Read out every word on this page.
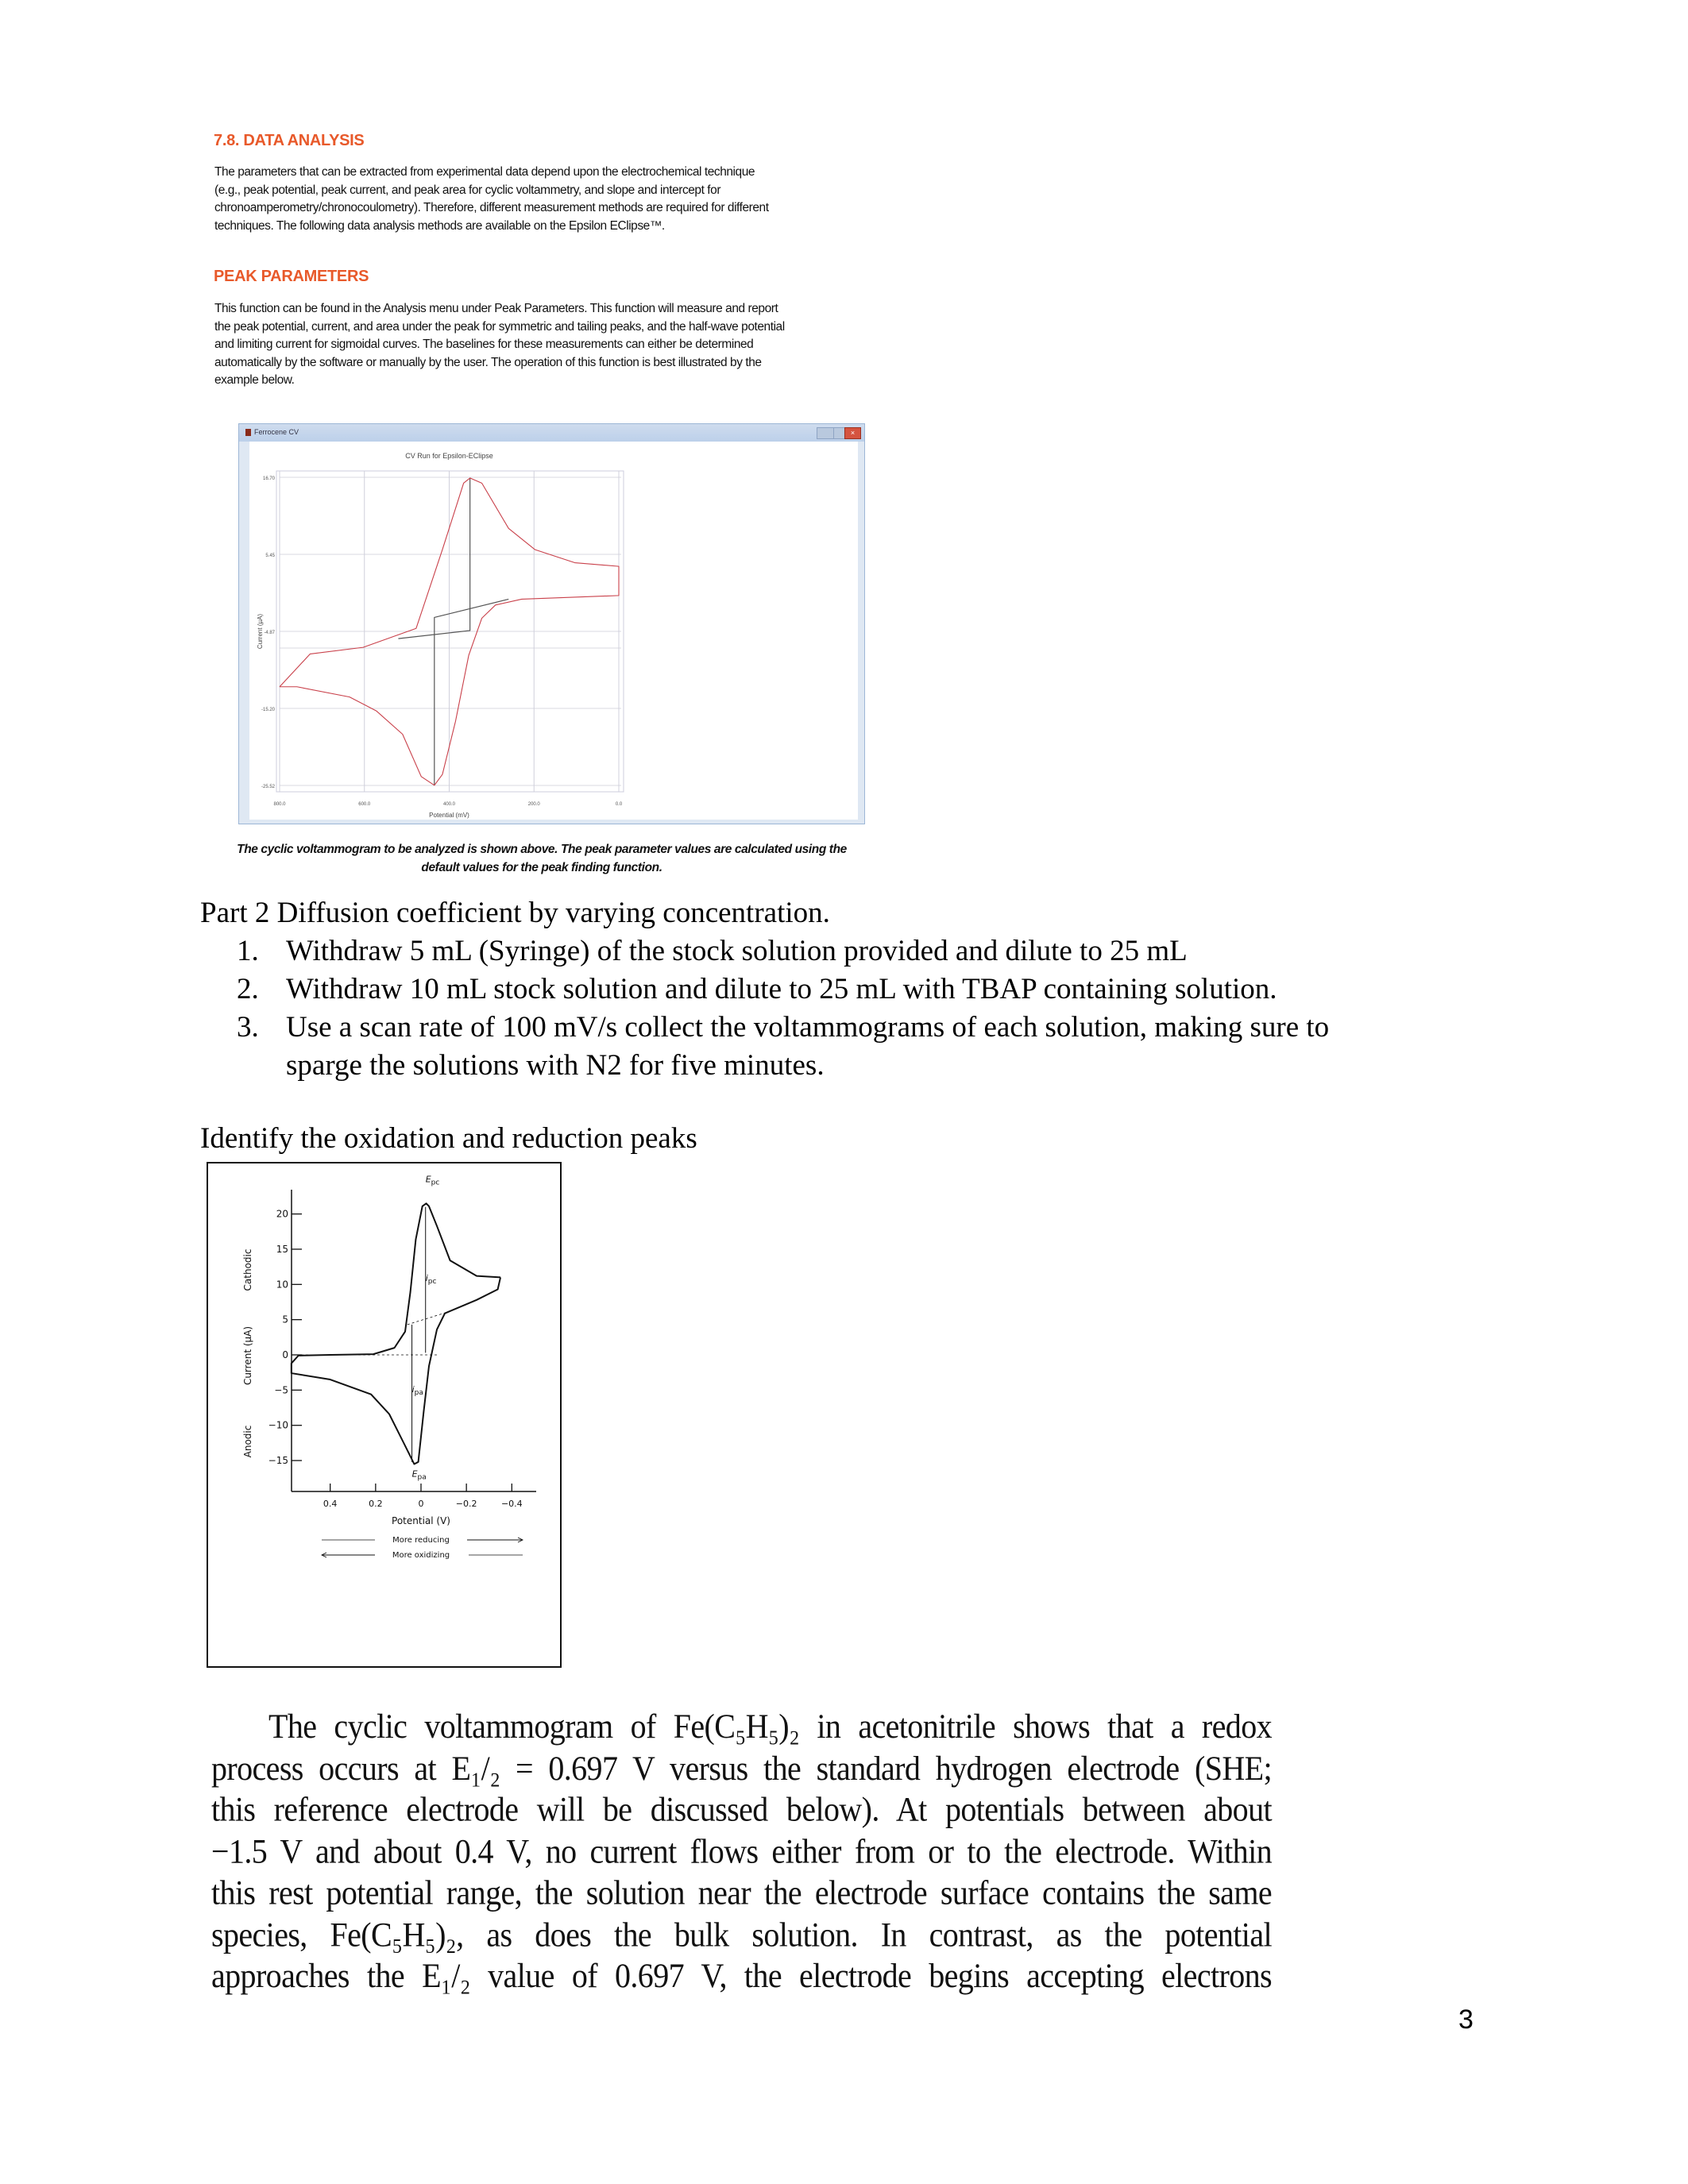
7.8. DATA ANALYSIS
The parameters that can be extracted from experimental data depend upon the electrochemical technique
(e.g., peak potential, peak current, and peak area for cyclic voltammetry, and slope and intercept for
chronoamperometry/chronocoulometry). Therefore, different measurement methods are required for different
techniques. The following data analysis methods are available on the Epsilon EClipse™.
PEAK PARAMETERS
This function can be found in the Analysis menu under Peak Parameters. This function will measure and report
the peak potential, current, and area under the peak for symmetric and tailing peaks, and the half-wave potential
and limiting current for sigmoidal curves. The baselines for these measurements can either be determined
automatically by the software or manually by the user. The operation of this function is best illustrated by the
example below.
Ferrocene CV	×
CV Run for Epsilon-EClipse
16.70
5.45
-4.87
-15.20
-25.52
800.0	600.0	400.0	200.0	0.0
Potential (mV)
Current (µA)
The cyclic voltammogram to be analyzed is shown above. The peak parameter values are calculated using the
default values for the peak finding function.
Part 2 Diffusion coefficient by varying concentration.
1. Withdraw 5 mL (Syringe) of the stock solution provided and dilute to 25 mL
2. Withdraw 10 mL stock solution and dilute to 25 mL with TBAP containing solution.
3. Use a scan rate of 100 mV/s collect the voltammograms of each solution, making sure to
sparge the solutions with N2 for five minutes.
Identify the oxidation and reduction peaks
20
15
10
5
0
−5
−10
−15
0.4	0.2	0	−0.2	−0.4
Potential (V)
Current (µA)
Cathodic
Anodic
$E_{pc}$
$i_{pc}$
$i_{pa}$
$E_{pa}$
More reducing
More oxidizing
The cyclic voltammogram of Fe(C₅H₅)₂ in acetonitrile shows that a redox
process occurs at E₁/₂ = 0.697 V versus the standard hydrogen electrode (SHE;
this reference electrode will be discussed below). At potentials between about
−1.5 V and about 0.4 V, no current flows either from or to the electrode. Within
this rest potential range, the solution near the electrode surface contains the same
species, Fe(C₅H₅)₂, as does the bulk solution. In contrast, as the potential
approaches the E₁/₂ value of 0.697 V, the electrode begins accepting electrons
3
